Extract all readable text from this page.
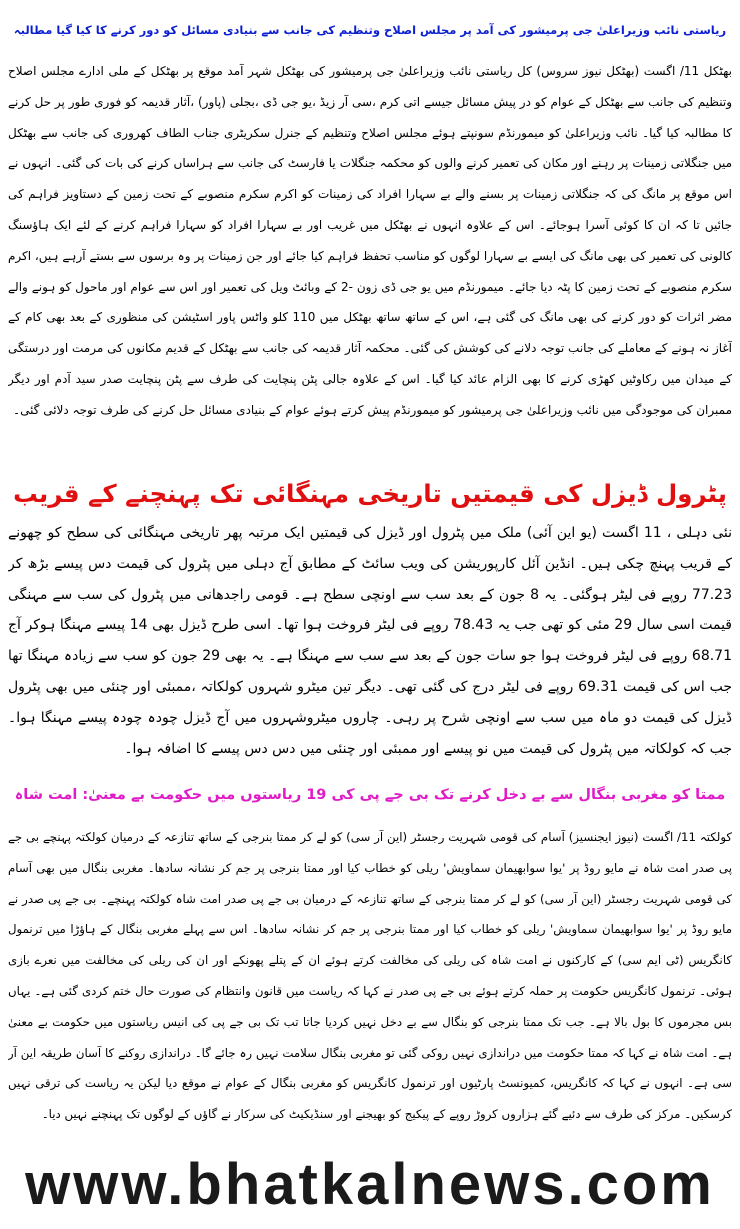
ریاستی نائب وزیراعلیٰ جی پرمیشور کی آمد پر مجلس اصلاح وتنظیم کی جانب سے بنیادی مسائل کو دور کرنے کا کیا گیا مطالبہ

بھٹکل 11/ اگست (بھٹکل نیوز سروس) کل ریاستی نائب وزیراعلیٰ جی پرمیشور کی بھٹکل شہر آمد موقع پر بھٹکل کے ملی ادارے مجلس اصلاح وتنظیم کی جانب سے بھٹکل کے عوام کو در پیش مسائل جیسے اتی کرم ،سی آر زیڈ ،یو جی ڈی ،بجلی (پاور) ،آثار قدیمہ کو فوری طور پر حل کرنے کا مطالبہ کیا گیا۔ نائب وزیراعلیٰ کو میمورنڈم سونپتے ہوئے مجلس اصلاح وتنظیم کے جنرل سکریٹری جناب الطاف کھروری کی جانب سے بھٹکل میں جنگلاتی زمینات پر رہنے اور مکان کی تعمیر کرنے والوں کو محکمہ جنگلات یا فارسٹ کی جانب سے ہراساں کرنے کی بات کی گئی۔ انہوں نے اس موقع پر مانگ کی کہ جنگلاتی زمینات پر بسنے والے بے سہارا افراد کی زمینات کو اکرم سکرم منصوبے کے تحت زمین کے دستاویز فراہم کی جائیں تا کہ ان کا کوئی آسرا ہوجائے۔ اس کے علاوہ انہوں نے بھٹکل میں غریب اور بے سہارا افراد کو سہارا فراہم کرنے کے لئے ایک ہاؤسنگ کالونی کی تعمیر کی بھی مانگ کی ایسے بے سہارا لوگوں کو مناسب تحفظ فراہم کیا جائے اور جن زمینات پر وہ برسوں سے بستے آرہے ہیں، اکرم سکرم منصوبے کے تحت زمین کا پٹہ دیا جائے۔ میمورنڈم میں یو جی ڈی زون -2 کے وبائٹ ویل کی تعمیر اور اس سے عوام اور ماحول کو ہونے والے مضر اثرات کو دور کرنے کی بھی مانگ کی گئی ہے، اس کے ساتھ ساتھ بھٹکل میں 110 کلو واٹس پاور اسٹیشن کی منظوری کے بعد بھی کام کے آغاز نہ ہونے کے معاملے کی جانب توجہ دلانے کی کوشش کی گئی۔ محکمہ آثار قدیمہ کی جانب سے بھٹکل کے قدیم مکانوں کی مرمت اور درستگی کے میدان میں رکاوٹیں کھڑی کرنے کا بھی الزام عائد کیا گیا۔ اس کے علاوہ جالی پٹن پنچایت کی طرف سے پٹن پنچایت صدر سید آدم اور دیگر ممبران کی موجودگی میں نائب وزیراعلیٰ جی پرمیشور کو میمورنڈم پیش کرتے ہوئے عوام کے بنیادی مسائل حل کرنے کی طرف توجہ دلائی گئی۔

پٹرول ڈیزل کی قیمتیں تاریخی مہنگائی تک پہنچنے کے قریب

نئی دہلی ، 11 اگست (یو این آئی) ملک میں پٹرول اور ڈیزل کی قیمتیں ایک مرتبہ پھر تاریخی مہنگائی کی سطح کو چھونے کے قریب پہنچ چکی ہیں۔ انڈین آئل کارپوریشن کی ویب سائٹ کے مطابق آج دہلی میں پٹرول کی قیمت دس پیسے بڑھ کر 77.23 روپے فی لیٹر ہوگئی۔ یہ 8 جون کے بعد سب سے اونچی سطح ہے۔ قومی راجدھانی میں پٹرول کی سب سے مہنگی قیمت اسی سال 29 مئی کو تھی جب یہ 78.43 روپے فی لیٹر فروخت ہوا تھا۔ اسی طرح ڈیزل بھی 14 پیسے مہنگا ہوکر آج 68.71 روپے فی لیٹر فروخت ہوا جو سات جون کے بعد سے سب سے مہنگا ہے۔ یہ بھی 29 جون کو سب سے زیادہ مہنگا تھا جب اس کی قیمت 69.31 روپے فی لیٹر درج کی گئی تھی۔ دیگر تین میٹرو شہروں کولکاتہ ،ممبئی اور چنئی میں بھی پٹرول ڈیزل کی قیمت دو ماہ میں سب سے اونچی شرح پر رہی۔ چاروں میٹروشہروں میں آج ڈیزل چودہ چودہ پیسے مہنگا ہوا۔ جب کہ کولکاتہ میں پٹرول کی قیمت میں نو پیسے اور ممبئی اور چنئی میں دس دس پیسے کا اضافہ ہوا۔

ممتا کو مغربی بنگال سے بے دخل کرنے تک بی جے پی کی 19 ریاستوں میں حکومت بے معنیٰ: امت شاہ

کولکتہ 11/ اگست (نیوز ایجنسیز) آسام کی قومی شہریت رجسٹر (این آر سی) کو لے کر ممتا بنرجی کے ساتھ تنازعہ کے درمیان کولکتہ پہنچے بی جے پی صدر امت شاہ نے مایو روڈ پر 'یوا سوابھیمان سماویش' ریلی کو خطاب کیا اور ممتا بنرجی پر جم کر نشانہ سادھا۔ مغربی بنگال میں بھی آسام کی قومی شہریت رجسٹر (این آر سی) کو لے کر ممتا بنرجی کے ساتھ تنازعہ کے درمیان بی جے پی صدر امت شاہ کولکتہ پہنچے۔ بی جے پی صدر نے مایو روڈ پر 'یوا سوابھیمان سماویش' ریلی کو خطاب کیا اور ممتا بنرجی پر جم کر نشانہ سادھا۔ اس سے پہلے مغربی بنگال کے ہاؤڑا میں ترنمول کانگریس (ٹی ایم سی) کے کارکنوں نے امت شاہ کی ریلی کی مخالفت کرتے ہوئے ان کے پتلے پھونکے اور ان کی ریلی کی مخالفت میں نعرے بازی ہوئی۔ ترنمول کانگریس حکومت پر حملہ کرتے ہوئے بی جے پی صدر نے کہا کہ ریاست میں قانون وانتظام کی صورت حال ختم کردی گئی ہے۔ یہاں بس مجرموں کا بول بالا ہے۔ جب تک ممتا بنرجی کو بنگال سے بے دخل نہیں کردیا جاتا تب تک بی جے پی کی انیس ریاستوں میں حکومت بے معنیٰ ہے۔ امت شاہ نے کہا کہ ممتا حکومت میں دراندازی نہیں روکی گئی تو مغربی بنگال سلامت نہیں رہ جائے گا۔ دراندازی روکنے کا آسان طریقہ این آر سی ہے۔ انہوں نے کہا کہ کانگریس، کمیونسٹ پارٹیوں اور ترنمول کانگریس کو مغربی بنگال کے عوام نے موقع دیا لیکن یہ ریاست کی ترقی نہیں کرسکیں۔ مرکز کی طرف سے دئیے گئے ہزاروں کروڑ روپے کے پیکیج کو بھیجنے اور سنڈیکیٹ کی سرکار نے گاؤں کے لوگوں تک پہنچنے نہیں دیا۔

www.bhatkalnews.com
